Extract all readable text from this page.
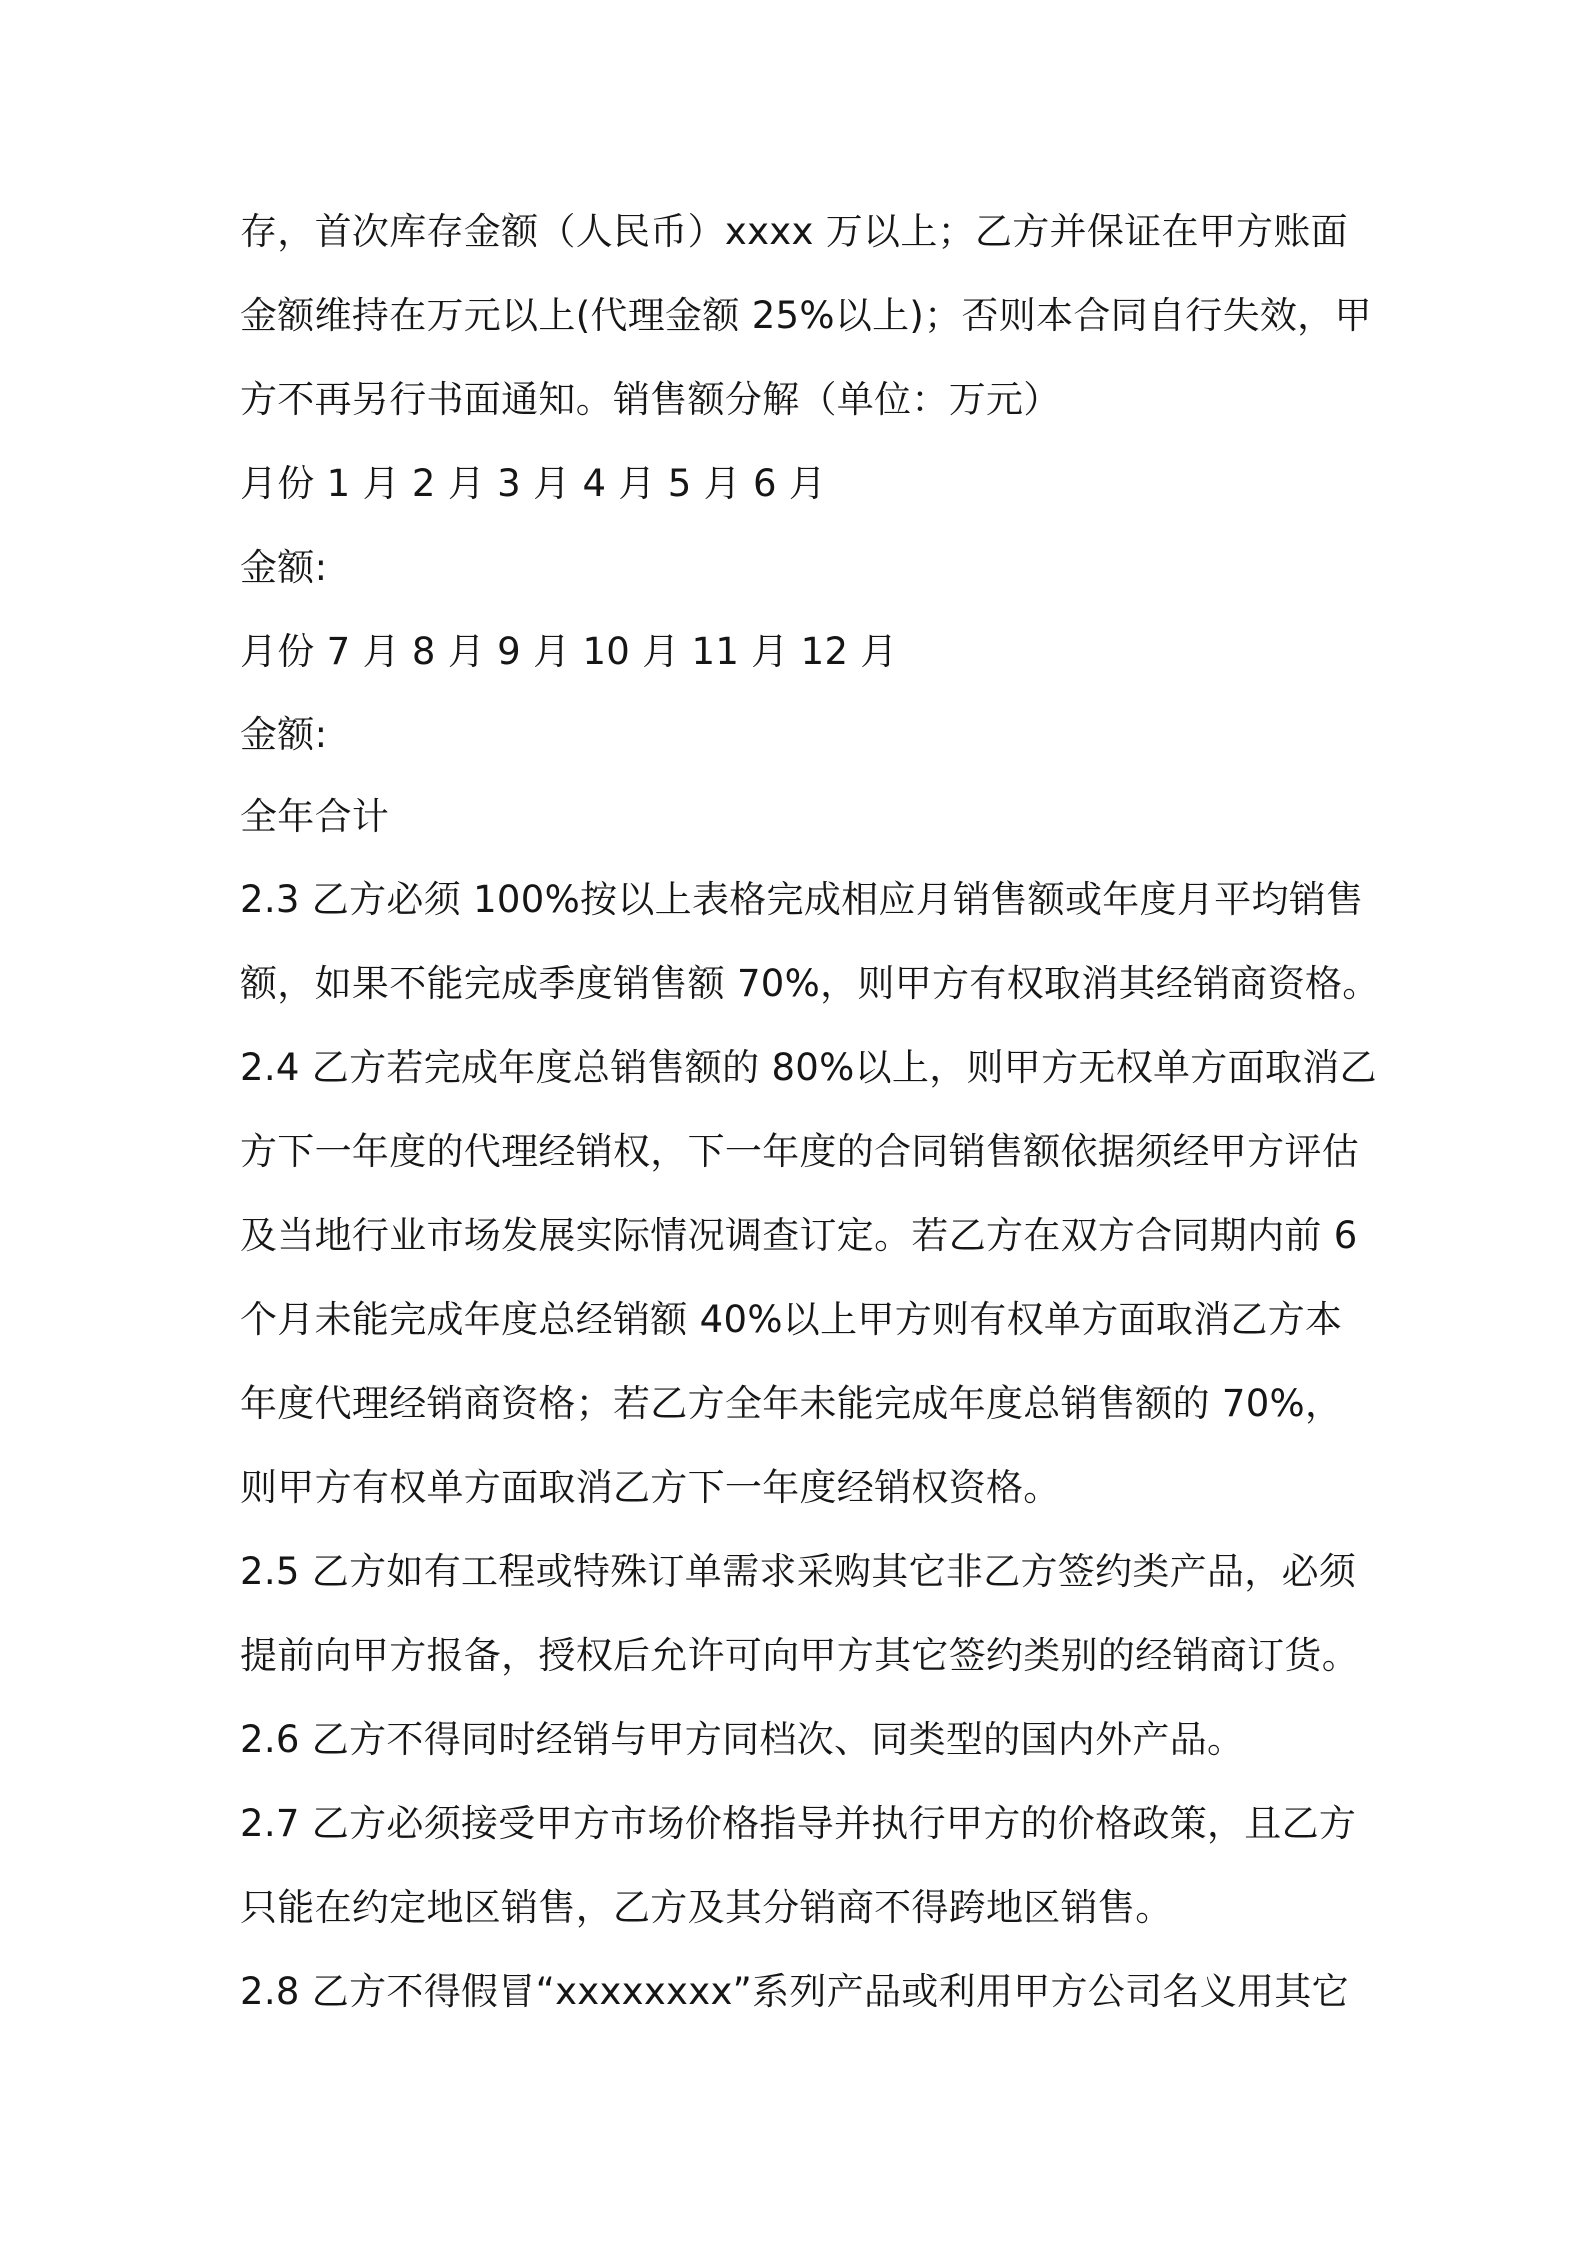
存，首次库存金额（人民币）xxxx 万以上；乙方并保证在甲方账面
金额维持在万元以上(代理金额 25%以上)；否则本合同自行失效，甲
方不再另行书面通知。销售额分解（单位：万元）
月份 1 月 2 月 3 月 4 月 5 月 6 月
金额:
月份 7 月 8 月 9 月 10 月 11 月 12 月
金额:
全年合计
2.3 乙方必须 100%按以上表格完成相应月销售额或年度月平均销售
额，如果不能完成季度销售额 70%，则甲方有权取消其经销商资格。
2.4 乙方若完成年度总销售额的 80%以上，则甲方无权单方面取消乙
方下一年度的代理经销权，下一年度的合同销售额依据须经甲方评估
及当地行业市场发展实际情况调查订定。若乙方在双方合同期内前 6
个月未能完成年度总经销额 40%以上甲方则有权单方面取消乙方本
年度代理经销商资格；若乙方全年未能完成年度总销售额的 70%，
则甲方有权单方面取消乙方下一年度经销权资格。
2.5 乙方如有工程或特殊订单需求采购其它非乙方签约类产品，必须
提前向甲方报备，授权后允许可向甲方其它签约类别的经销商订货。
2.6 乙方不得同时经销与甲方同档次、同类型的国内外产品。
2.7 乙方必须接受甲方市场价格指导并执行甲方的价格政策，且乙方
只能在约定地区销售，乙方及其分销商不得跨地区销售。
2.8 乙方不得假冒“xxxxxxxx”系列产品或利用甲方公司名义用其它
